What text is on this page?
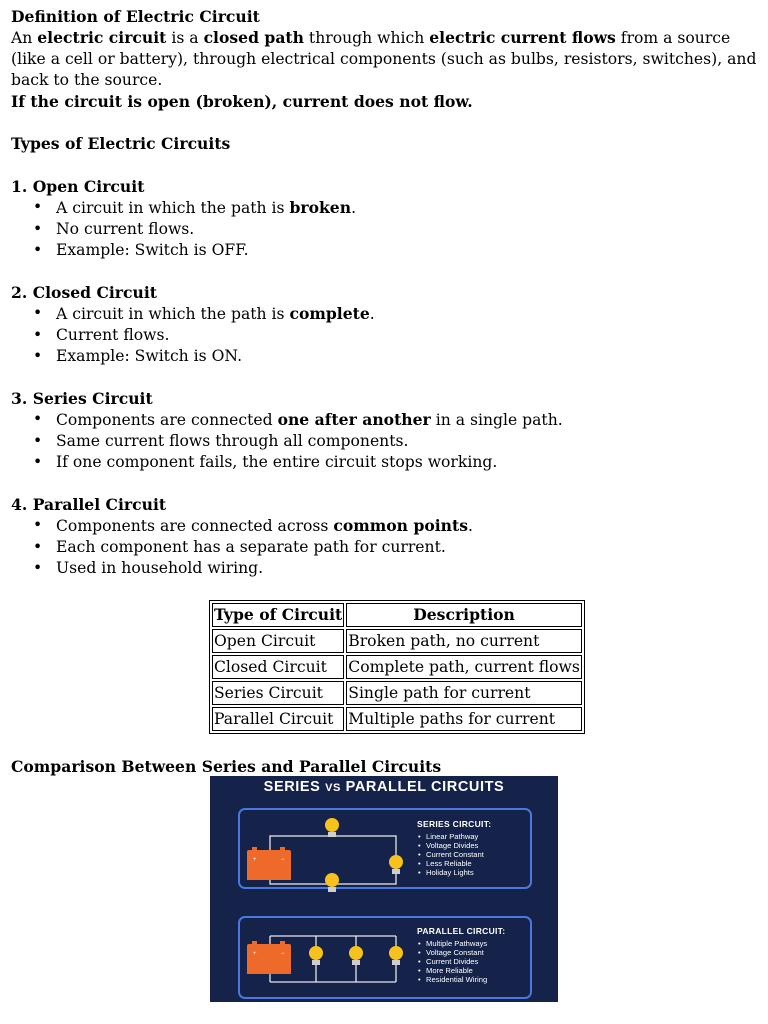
Definition of Electric Circuit
An electric circuit is a closed path through which electric current flows from a source (like a cell or battery), through electrical components (such as bulbs, resistors, switches), and back to the source.
If the circuit is open (broken), current does not flow.
Types of Electric Circuits
1. Open Circuit
• A circuit in which the path is broken.
• No current flows.
• Example: Switch is OFF.
2. Closed Circuit
• A circuit in which the path is complete.
• Current flows.
• Example: Switch is ON.
3. Series Circuit
• Components are connected one after another in a single path.
• Same current flows through all components.
• If one component fails, the entire circuit stops working.
4. Parallel Circuit
• Components are connected across common points.
• Each component has a separate path for current.
• Used in household wiring.
Type of Circuit	Description
Open Circuit	Broken path, no current
Closed Circuit	Complete path, current flows
Series Circuit	Single path for current
Parallel Circuit	Multiple paths for current
Comparison Between Series and Parallel Circuits
+	−
+	−
SERIES VS PARALLEL CIRCUITS
SERIES CIRCUIT:
• Linear Pathway
• Voltage Divides
• Current Constant
• Less Reliable
• Holiday Lights
PARALLEL CIRCUIT:
• Multiple Pathways
• Voltage Constant
• Current Divides
• More Reliable
• Residential Wiring
